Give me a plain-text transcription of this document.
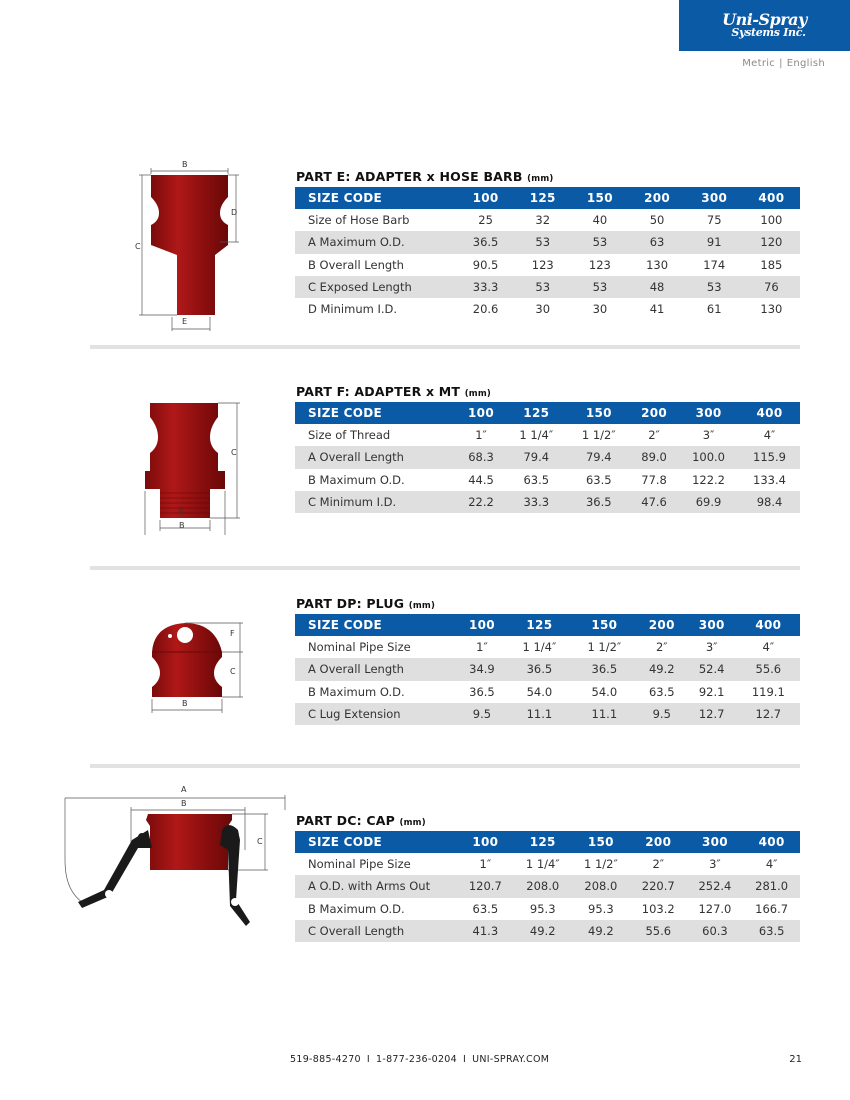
Uni-Spray
Systems Inc.
Metric | English
B
C
D
E
PART E: ADAPTER x HOSE BARB (mm)
SIZE CODE	100	125	150	200	300	400
Size of Hose Barb	25	32	40	50	75	100
A Maximum O.D.	36.5	53	53	63	91	120
B Overall Length	90.5	123	123	130	174	185
C Exposed Length	33.3	53	53	48	53	76
D Minimum I.D.	20.6	30	30	41	61	130
C
E
B
PART F: ADAPTER x MT (mm)
SIZE CODE	100	125	150	200	300	400
Size of Thread	1″	1 1/4″	1 1/2″	2″	3″	4″
A Overall Length	68.3	79.4	79.4	89.0	100.0	115.9
B Maximum O.D.	44.5	63.5	63.5	77.8	122.2	133.4
C Minimum I.D.	22.2	33.3	36.5	47.6	69.9	98.4
F
C
B
PART DP: PLUG (mm)
SIZE CODE	100	125	150	200	300	400
Nominal Pipe Size	1″	1 1/4″	1 1/2″	2″	3″	4″
A Overall Length	34.9	36.5	36.5	49.2	52.4	55.6
B Maximum O.D.	36.5	54.0	54.0	63.5	92.1	119.1
C Lug Extension	9.5	11.1	11.1	9.5	12.7	12.7
A
B
C
PART DC: CAP (mm)
SIZE CODE	100	125	150	200	300	400
Nominal Pipe Size	1″	1 1/4″	1 1/2″	2″	3″	4″
A O.D. with Arms Out	120.7	208.0	208.0	220.7	252.4	281.0
B Maximum O.D.	63.5	95.3	95.3	103.2	127.0	166.7
C Overall Length	41.3	49.2	49.2	55.6	60.3	63.5
519-885-4270 I 1-877-236-0204 I UNI-SPRAY.COM	21
